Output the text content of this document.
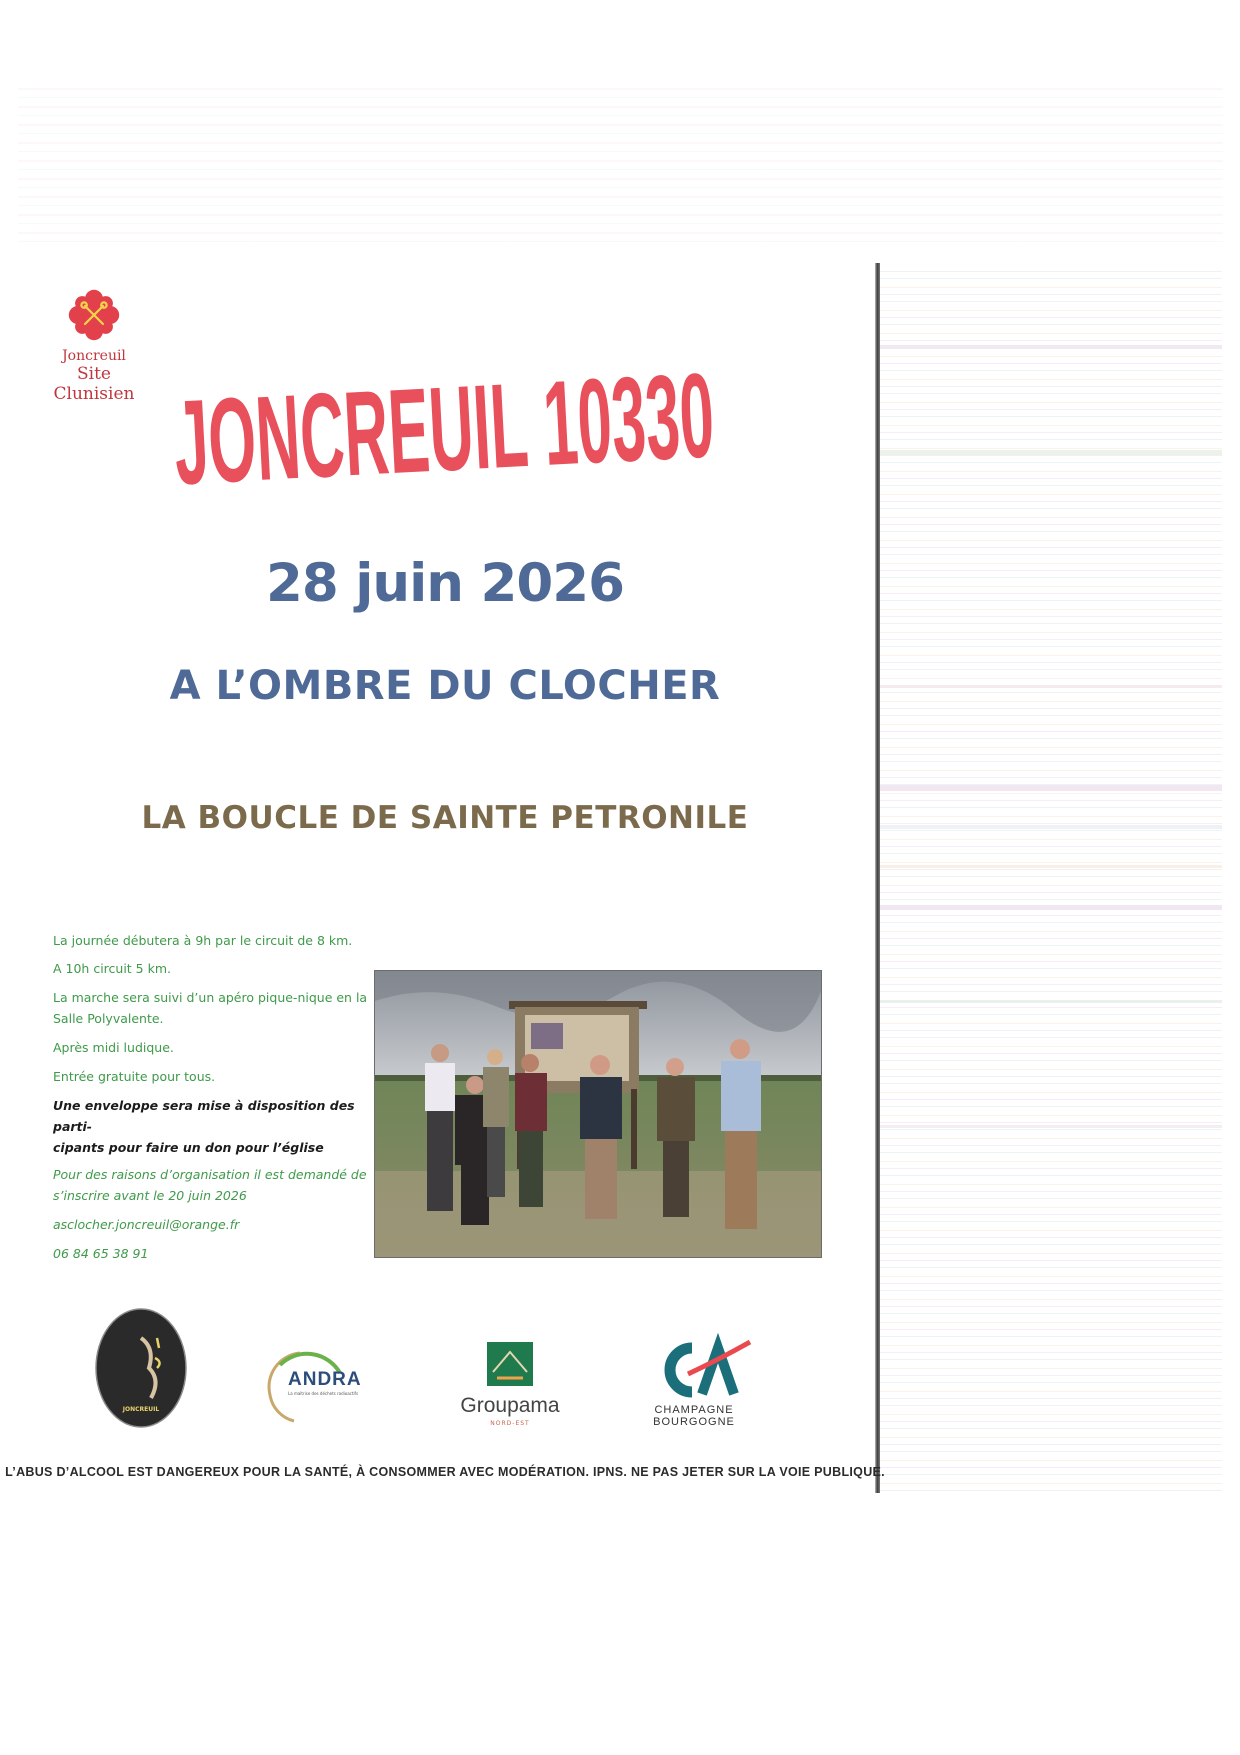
Joncreuil
Site Clunisien JONCREUIL 10330
28 juin 2026
A L’OMBRE DU CLOCHER
LA BOUCLE DE SAINTE PETRONILE

La journée débutera à 9h par le circuit de 8 km.

A 10h circuit 5 km.

La marche sera suivi d’un apéro pique-nique en la

Salle Polyvalente.

Après midi ludique.

Entrée gratuite pour tous.

Une enveloppe sera mise à disposition des parti-

cipants pour faire un don pour l’église

Pour des raisons d’organisation il est demandé de

s’inscrire avant le 20 juin 2026

asclocher.joncreuil@orange.fr

06 84 65 38 91

JONCREUIL
ANDRA
La maîtrise des déchets radioactifs
Groupama
NORD-EST
CHAMPAGNE
BOURGOGNE
L’ABUS D’ALCOOL EST DANGEREUX POUR LA SANTÉ, À CONSOMMER AVEC MODÉRATION. IPNS. NE PAS JETER SUR LA VOIE PUBLIQUE.
